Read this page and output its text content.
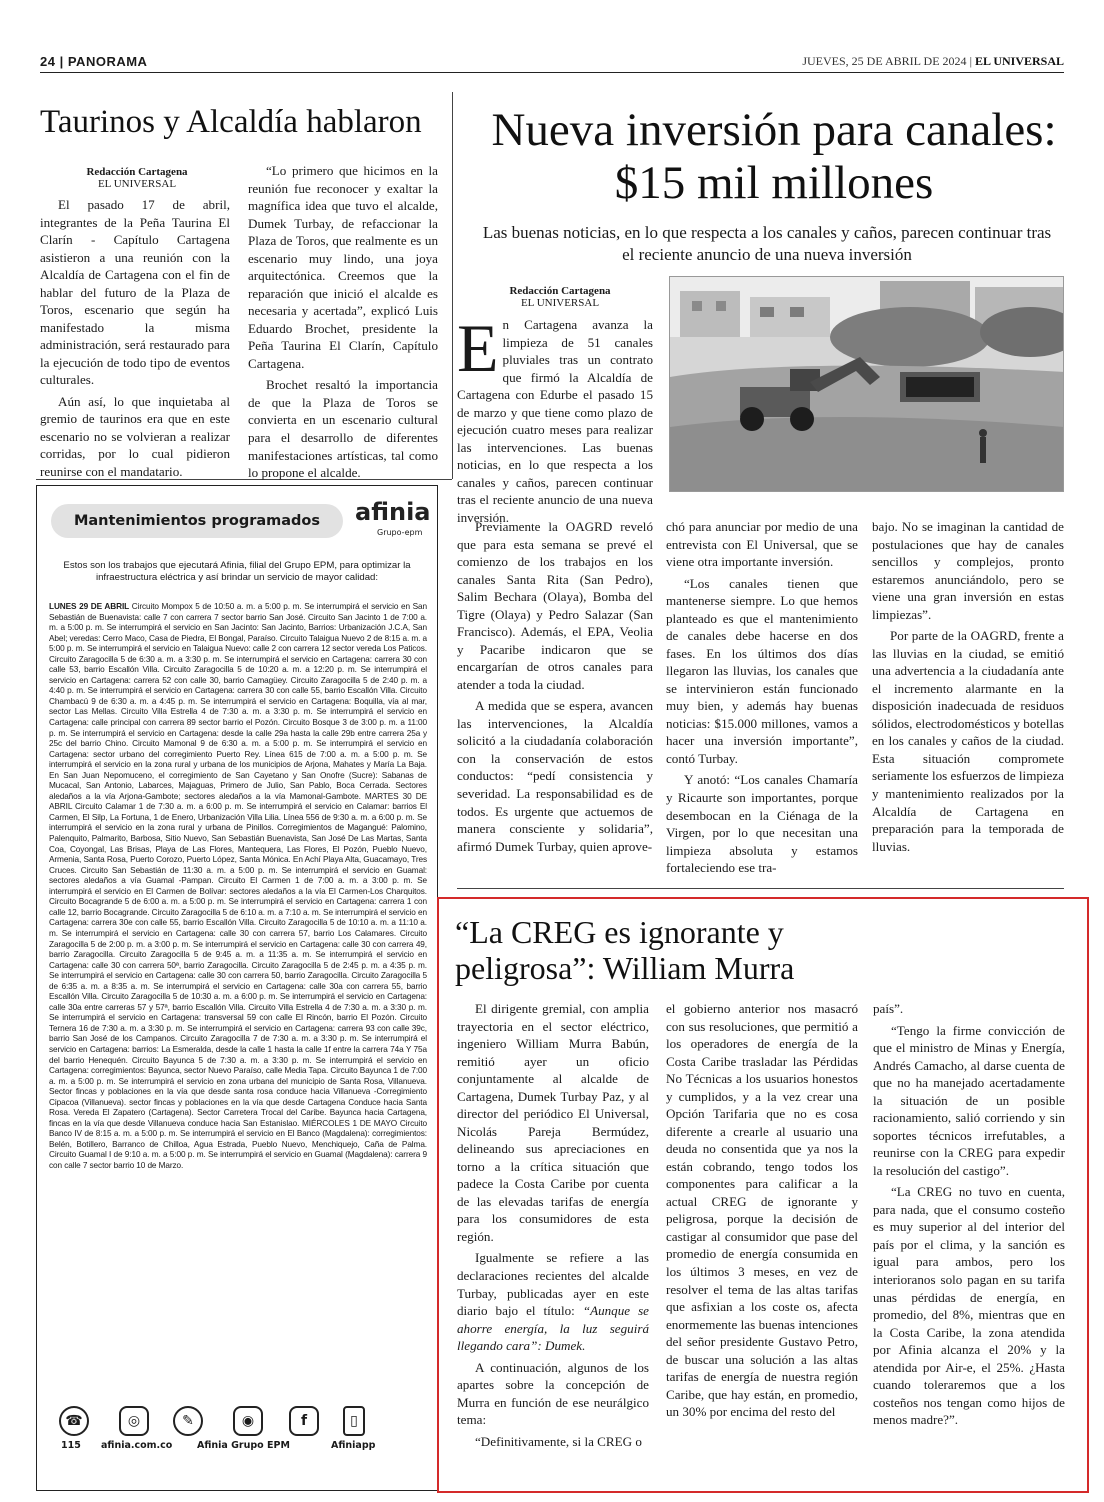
24 | PANORAMA	JUEVES, 25 DE ABRIL DE 2024 | EL UNIVERSAL
Taurinos y Alcaldía hablaron
Redacción Cartagena
EL UNIVERSAL

El pasado 17 de abril, integrantes de la Peña Taurina El Clarín - Capítulo Cartagena asistieron a una reunión con la Alcaldía de Cartagena con el fin de hablar del futuro de la Plaza de Toros, escenario que según ha manifestado la misma administración, será restaurado para la ejecución de todo tipo de eventos culturales.

Aún así, lo que inquietaba al gremio de taurinos era que en este escenario no se volvieran a realizar corridas, por lo cual pidieron reunirse con el mandatario.

“Lo primero que hicimos en la reunión fue reconocer y exaltar la magnífica idea que tuvo el alcalde, Dumek Turbay, de refaccionar la Plaza de Toros, que realmente es un escenario muy lindo, una joya arquitectónica. Creemos que la reparación que inició el alcalde es necesaria y acertada”, explicó Luis Eduardo Brochet, presidente la Peña Taurina El Clarín, Capítulo Cartagena.

Brochet resaltó la importancia de que la Plaza de Toros se convierta en un escenario cultural para el desarrollo de diferentes manifestaciones artísticas, tal como lo propone el alcalde.

Nueva inversión para canales: $15 mil millones
Las buenas noticias, en lo que respecta a los canales y caños, parecen continuar tras el reciente anuncio de una nueva inversión
Redacción Cartagena
EL UNIVERSAL
E n Cartagena avanza la limpieza de 51 canales pluviales tras un contrato que firmó la Alcaldía de Cartagena con Edurbe el pasado 15 de marzo y que tiene como plazo de ejecución cuatro meses para realizar las intervenciones. Las buenas noticias, en lo que respecta a los canales y caños, parecen continuar tras el reciente anuncio de una nueva inversión.

Previamente la OAGRD reveló que para esta semana se prevé el comienzo de los trabajos en los canales Santa Rita (San Pedro), Salim Bechara (Olaya), Bomba del Tigre (Olaya) y Pedro Salazar (San Francisco). Además, el EPA, Veolia y Pacaribe indicaron que se encargarían de otros canales para atender a toda la ciudad.

A medida que se espera, avancen las intervenciones, la Alcaldía solicitó a la ciudadanía colaboración con la conservación de estos conductos: “pedí consistencia y severidad. La responsabilidad es de todos. Es urgente que actuemos de manera consciente y solidaria”, afirmó Dumek Turbay, quien aprove-

chó para anunciar por medio de una entrevista con El Universal, que se viene otra importante inversión.

“Los canales tienen que mantenerse siempre. Lo que hemos planteado es que el mantenimiento de canales debe hacerse en dos fases. En los últimos dos días llegaron las lluvias, los canales que se intervinieron están funcionado muy bien, y además hay buenas noticias: $15.000 millones, vamos a hacer una inversión importante”, contó Turbay.

Y anotó: “Los canales Chamaría y Ricaurte son importantes, porque desembocan en la Ciénaga de la Virgen, por lo que necesitan una limpieza absoluta y estamos fortaleciendo ese tra-

bajo. No se imaginan la cantidad de postulaciones que hay de canales sencillos y complejos, pronto estaremos anunciándolo, pero se viene una gran inversión en estas limpiezas”.

Por parte de la OAGRD, frente a las lluvias en la ciudad, se emitió una advertencia a la ciudadanía ante el incremento alarmante en la disposición inadecuada de residuos sólidos, electrodomésticos y botellas en los canales y caños de la ciudad. Esta situación compromete seriamente los esfuerzos de limpieza y mantenimiento realizados por la Alcaldía de Cartagena en preparación para la temporada de lluvias.

Mantenimientos programados	afinia
Grupo-epm
Estos son los trabajos que ejecutará Afinia, filial del Grupo EPM, para optimizar la infraestructura eléctrica y así brindar un servicio de mayor calidad:
LUNES 29 DE ABRIL Circuito Mompox 5 de 10:50 a. m. a 5:00 p. m. Se interrumpirá el servicio en San Sebastián de Buenavista: calle 7 con carrera 7 sector barrio San José. Circuito San Jacinto 1 de 7:00 a. m. a 5:00 p. m. Se interrumpirá el servicio en San Jacinto: San Jacinto, Barrios: Urbanización J.C.A, San Abel; veredas: Cerro Maco, Casa de Piedra, El Bongal, Paraíso. Circuito Talaigua Nuevo 2 de 8:15 a. m. a 5:00 p. m. Se interrumpirá el servicio en Talaigua Nuevo: calle 2 con carrera 12 sector vereda Los Paticos. Circuito Zaragocilla 5 de 6:30 a. m. a 3:30 p. m. Se interrumpirá el servicio en Cartagena: carrera 30 con calle 53, barrio Escallón Villa. Circuito Zaragocilla 5 de 10:20 a. m. a 12:20 p. m. Se interrumpirá el servicio en Cartagena: carrera 52 con calle 30, barrio Camagüey. Circuito Zaragocilla 5 de 2:40 p. m. a 4:40 p. m. Se interrumpirá el servicio en Cartagena: carrera 30 con calle 55, barrio Escallón Villa. Circuito Chambacú 9 de 6:30 a. m. a 4:45 p. m. Se interrumpirá el servicio en Cartagena: Boquilla, vía al mar, sector Las Mellas. Circuito Villa Estrella 4 de 7:30 a. m. a 3:30 p. m. Se interrumpirá el servicio en Cartagena: calle principal con carrera 89 sector barrio el Pozón. Circuito Bosque 3 de 3:00 p. m. a 11:00 p. m. Se interrumpirá el servicio en Cartagena: desde la calle 29a hasta la calle 29b entre carrera 25a y 25c del barrio Chino. Circuito Mamonal 9 de 6:30 a. m. a 5:00 p. m. Se interrumpirá el servicio en Cartagena: sector urbano del corregimiento Puerto Rey. Línea 615 de 7:00 a. m. a 5:00 p. m. Se interrumpirá el servicio en la zona rural y urbana de los municipios de Arjona, Mahates y María La Baja. En San Juan Nepomuceno, el corregimiento de San Cayetano y San Onofre (Sucre): Sabanas de Mucacal, San Antonio, Labarces, Majaguas, Primero de Julio, San Pablo, Boca Cerrada. Sectores aledaños a la vía Arjona-Gambote; sectores aledaños a la vía Mamonal-Gambote. MARTES 30 DE ABRIL Circuito Calamar 1 de 7:30 a. m. a 6:00 p. m. Se interrumpirá el servicio en Calamar: barrios El Carmen, El Silp, La Fortuna, 1 de Enero, Urbanización Villa Lilia. Línea 556 de 9:30 a. m. a 6:00 p. m. Se interrumpirá el servicio en la zona rural y urbana de Pinillos. Corregimientos de Magangué: Palomino, Palenquito, Palmarito, Barbosa, Sitio Nuevo, San Sebastián Buenavista, San José De Las Martas, Santa Coa, Coyongal, Las Brisas, Playa de Las Flores, Mantequera, Las Flores, El Pozón, Pueblo Nuevo, Armenia, Santa Rosa, Puerto Corozo, Puerto López, Santa Mónica. En Achí Playa Alta, Guacamayo, Tres Cruces. Circuito San Sebastián de 11:30 a. m. a 5:00 p. m. Se interrumpirá el servicio en Guamal: sectores aledaños a vía Guamal -Pampan. Circuito El Carmen 1 de 7:00 a. m. a 3:00 p. m. Se interrumpirá el servicio en El Carmen de Bolívar: sectores aledaños a la vía El Carmen-Los Charquitos. Circuito Bocagrande 5 de 6:00 a. m. a 5:00 p. m. Se interrumpirá el servicio en Cartagena: carrera 1 con calle 12, barrio Bocagrande. Circuito Zaragocilla 5 de 6:10 a. m. a 7:10 a. m. Se interrumpirá el servicio en Cartagena: carrera 30e con calle 55, barrio Escallón Villa. Circuito Zaragocilla 5 de 10:10 a. m. a 11:10 a. m. Se interrumpirá el servicio en Cartagena: calle 30 con carrera 57, barrio Los Calamares. Circuito Zaragocilla 5 de 2:00 p. m. a 3:00 p. m. Se interrumpirá el servicio en Cartagena: calle 30 con carrera 49, barrio Zaragocilla. Circuito Zaragocilla 5 de 9:45 a. m. a 11:35 a. m. Se interrumpirá el servicio en Cartagena: calle 30 con carrera 50ª, barrio Zaragocilla. Circuito Zaragocilla 5 de 2:45 p. m. a 4:35 p. m. Se interrumpirá el servicio en Cartagena: calle 30 con carrera 50, barrio Zaragocilla. Circuito Zaragocilla 5 de 6:35 a. m. a 8:35 a. m. Se interrumpirá el servicio en Cartagena: calle 30a con carrera 55, barrio Escallón Villa. Circuito Zaragocilla 5 de 10:30 a. m. a 6:00 p. m. Se interrumpirá el servicio en Cartagena: calle 30a entre carreras 57 y 57ª, barrio Escallón Villa. Circuito Villa Estrella 4 de 7:30 a. m. a 3:30 p. m. Se interrumpirá el servicio en Cartagena: transversal 59 con calle El Rincón, barrio El Pozón. Circuito Ternera 16 de 7:30 a. m. a 3:30 p. m. Se interrumpirá el servicio en Cartagena: carrera 93 con calle 39c, barrio San José de los Campanos. Circuito Zaragocilla 7 de 7:30 a. m. a 3:30 p. m. Se interrumpirá el servicio en Cartagena: barrios: La Esmeralda, desde la calle 1 hasta la calle 1f entre la carrera 74a Y 75a del barrio Henequén. Circuito Bayunca 5 de 7:30 a. m. a 3:30 p. m. Se interrumpirá el servicio en Cartagena: corregimientos: Bayunca, sector Nuevo Paraíso, calle Media Tapa. Circuito Bayunca 1 de 7:00 a. m. a 5:00 p. m. Se interrumpirá el servicio en zona urbana del municipio de Santa Rosa, Villanueva. Sector fincas y poblaciones en la vía que desde santa rosa conduce hacia Villanueva -Corregimiento Cipacoa (Villanueva). sector fincas y poblaciones en la vía que desde Cartagena Conduce hacia Santa Rosa. Vereda El Zapatero (Cartagena). Sector Carretera Trocal del Caribe. Bayunca hacia Cartagena, fincas en la vía que desde Villanueva conduce hacia San Estanislao. MIÉRCOLES 1 DE MAYO Circuito Banco IV de 8:15 a. m. a 5:00 p. m. Se interrumpirá el servicio en El Banco (Magdalena): corregimientos: Belén, Botillero, Barranco de Chilloa, Agua Estrada, Pueblo Nuevo, Menchiquejo, Caña de Palma. Circuito Guamal I de 9:10 a. m. a 5:00 p. m. Se interrumpirá el servicio en Guamal (Magdalena): carrera 9 con calle 7 sector barrio 10 de Marzo.
☎
115
◎
afinia.com.co
✎	◉	f
Afinia Grupo EPM
▯
Afiniapp
“La CREG es ignorante y peligrosa”: William Murra

El dirigente gremial, con amplia trayectoria en el sector eléctrico, ingeniero William Murra Babún, remitió ayer un oficio conjuntamente al alcalde de Cartagena, Dumek Turbay Paz, y al director del periódico El Universal, Nicolás Pareja Bermúdez, delineando sus apreciaciones en torno a la crítica situación que padece la Costa Caribe por cuenta de las elevadas tarifas de energía para los consumidores de esta región.

Igualmente se refiere a las declaraciones recientes del alcalde Turbay, publicadas ayer en este diario bajo el título: “Aunque se ahorre energía, la luz seguirá llegando cara”: Dumek.

A continuación, algunos de los apartes sobre la concepción de Murra en función de ese neurálgico tema:

“Definitivamente, si la CREG o

el gobierno anterior nos masacró con sus resoluciones, que permitió a los operadores de energía de la Costa Caribe trasladar las Pérdidas No Técnicas a los usuarios honestos y cumplidos, y a la vez crear una Opción Tarifaria que no es cosa diferente a crearle al usuario una deuda no consentida que ya nos la están cobrando, tengo todos los componentes para calificar a la actual CREG de ignorante y peligrosa, porque la decisión de castigar al consumidor que pase del promedio de energía consumida en los últimos 3 meses, en vez de resolver el tema de las altas tarifas que asfixian a los coste os, afecta enormemente las buenas intenciones del señor presidente Gustavo Petro, de buscar una solución a las altas tarifas de energía de nuestra región Caribe, que hay están, en promedio, un 30% por encima del resto del

país”.

“Tengo la firme convicción de que el ministro de Minas y Energía, Andrés Camacho, al darse cuenta de que no ha manejado acertadamente la situación de un posible racionamiento, salió corriendo y sin soportes técnicos irrefutables, a reunirse con la CREG para expedir la resolución del castigo”.

“La CREG no tuvo en cuenta, para nada, que el consumo costeño es muy superior al del interior del país por el clima, y la sanción es igual para ambos, pero los interioranos solo pagan en su tarifa unas pérdidas de energía, en promedio, del 8%, mientras que en la Costa Caribe, la zona atendida por Afinia alcanza el 20% y la atendida por Air-e, el 25%. ¿Hasta cuando toleraremos que a los costeños nos tengan como hijos de menos madre?”.
